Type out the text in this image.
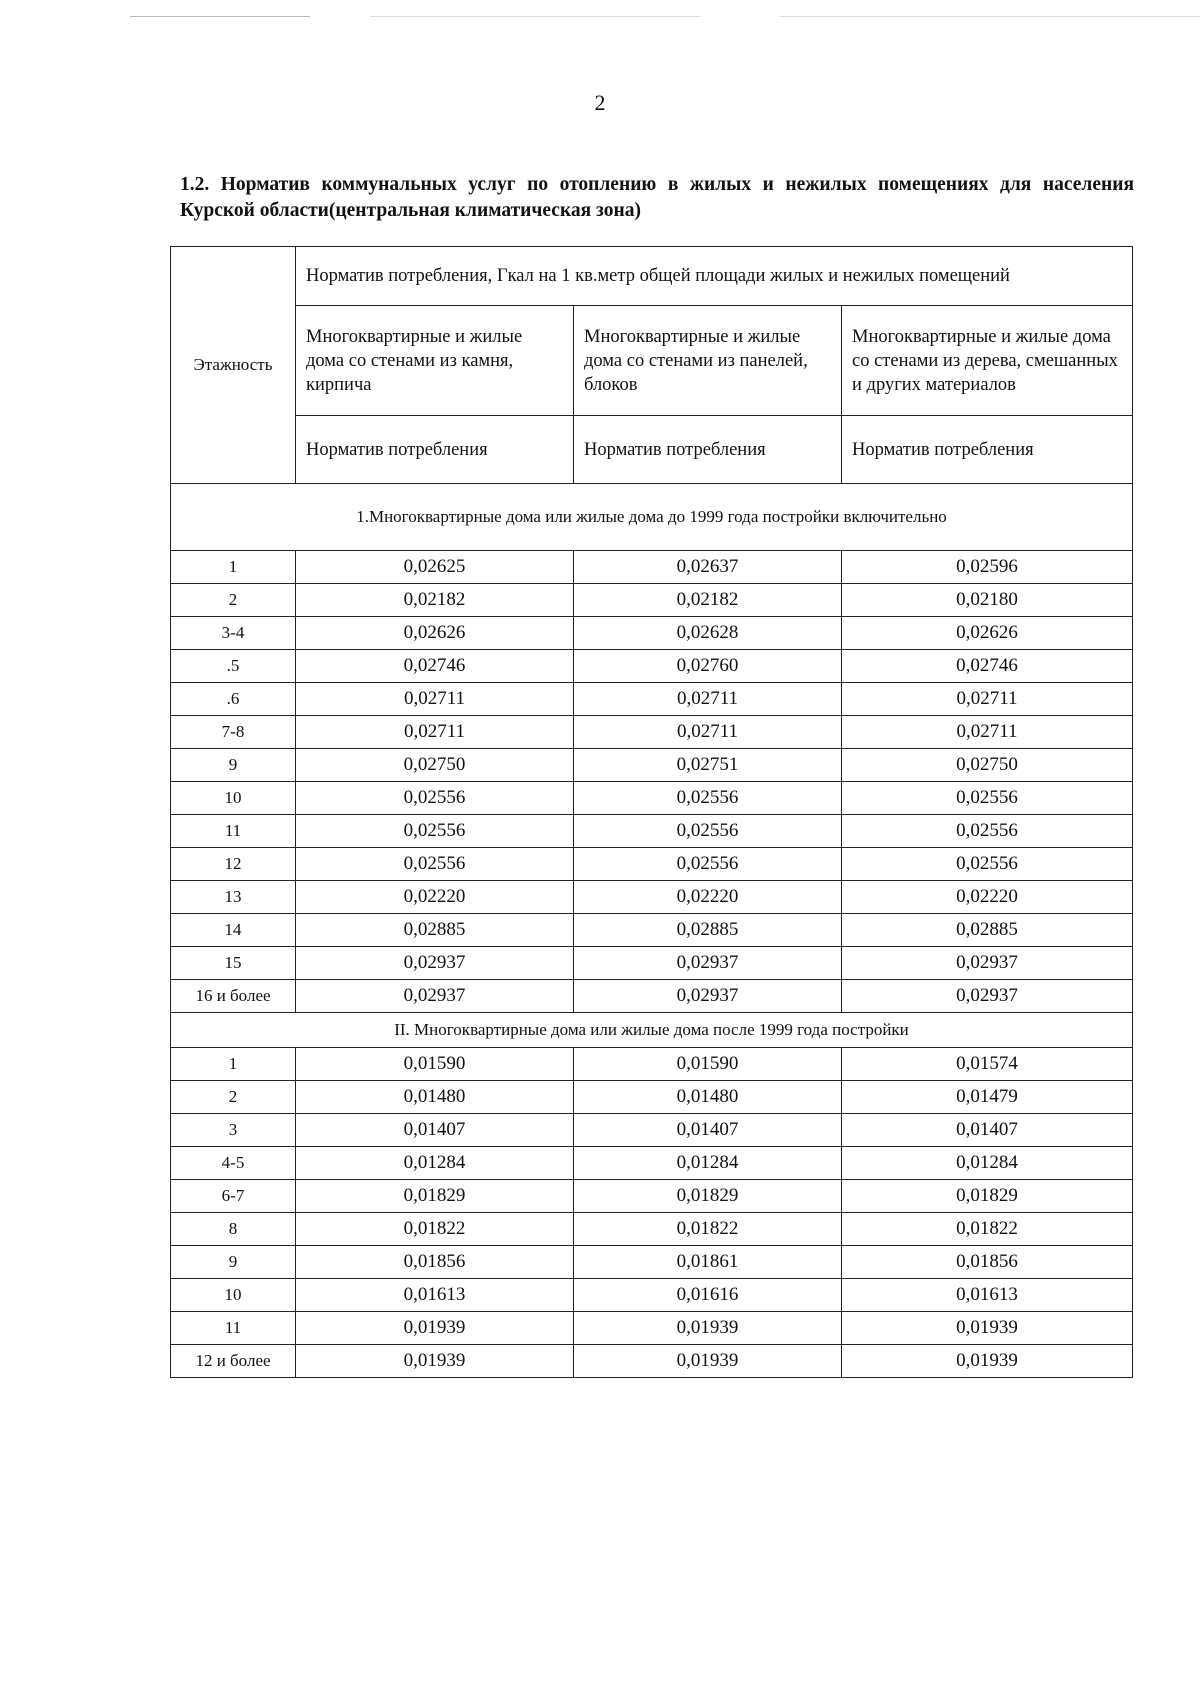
2
1.2. Норматив коммунальных услуг по отоплению в жилых и нежилых помещениях для населения Курской области(центральная климатическая зона)
Этажность	Норматив потребления, Гкал на 1 кв.метр общей площади жилых и нежилых помещений		
	Многоквартирные и жилые дома со стенами из камня, кирпича	Многоквартирные и жилые дома со стенами из панелей, блоков	Многоквартирные и жилые дома со стенами из дерева, смешанных и других материалов
	Норматив потребления	Норматив потребления	Норматив потребления
1.Многоквартирные дома или жилые дома до 1999 года постройки включительно			
1	0,02625	0,02637	0,02596
2	0,02182	0,02182	0,02180
3-4	0,02626	0,02628	0,02626
.5	0,02746	0,02760	0,02746
.6	0,02711	0,02711	0,02711
7-8	0,02711	0,02711	0,02711
9	0,02750	0,02751	0,02750
10	0,02556	0,02556	0,02556
11	0,02556	0,02556	0,02556
12	0,02556	0,02556	0,02556
13	0,02220	0,02220	0,02220
14	0,02885	0,02885	0,02885
15	0,02937	0,02937	0,02937
16 и более	0,02937	0,02937	0,02937
II. Многоквартирные дома или жилые дома после 1999 года постройки			
1	0,01590	0,01590	0,01574
2	0,01480	0,01480	0,01479
3	0,01407	0,01407	0,01407
4-5	0,01284	0,01284	0,01284
6-7	0,01829	0,01829	0,01829
8	0,01822	0,01822	0,01822
9	0,01856	0,01861	0,01856
10	0,01613	0,01616	0,01613
11	0,01939	0,01939	0,01939
12 и более	0,01939	0,01939	0,01939
